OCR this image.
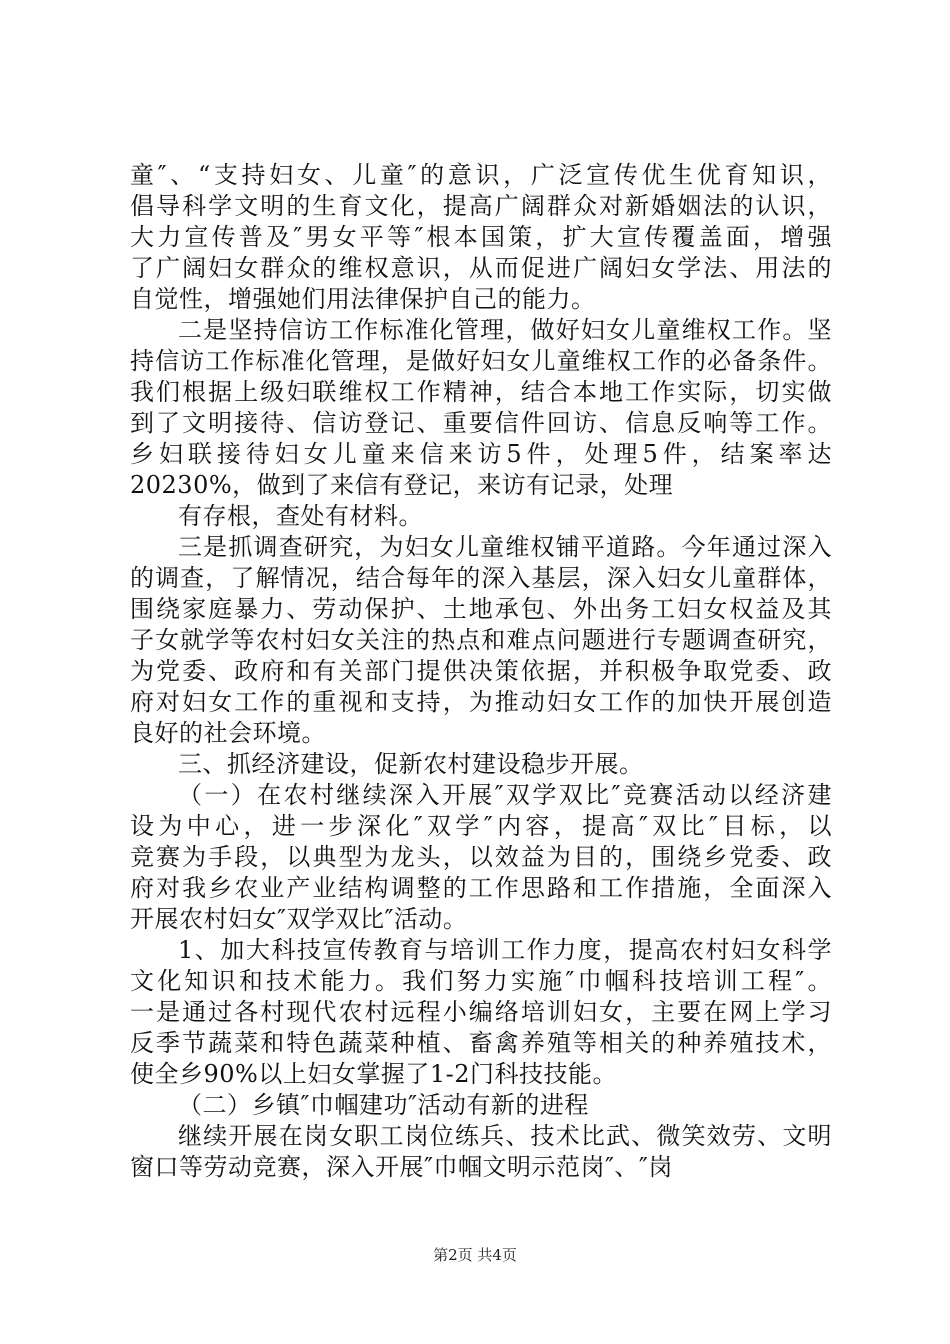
童″、“支持妇女、儿童″的意识，广泛宣传优生优育知识，
倡导科学文明的生育文化，提高广阔群众对新婚姻法的认识，
大力宣传普及″男女平等″根本国策，扩大宣传覆盖面，增强
了广阔妇女群众的维权意识，从而促进广阔妇女学法、用法的
自觉性，增强她们用法律保护自己的能力。
二是坚持信访工作标准化管理，做好妇女儿童维权工作。坚
持信访工作标准化管理，是做好妇女儿童维权工作的必备条件。
我们根据上级妇联维权工作精神，结合本地工作实际，切实做
到了文明接待、信访登记、重要信件回访、信息反响等工作。
乡妇联接待妇女儿童来信来访5件，处理5件，结案率达
20230%，做到了来信有登记，来访有记录，处理
有存根，查处有材料。
三是抓调查研究，为妇女儿童维权铺平道路。今年通过深入
的调查，了解情况，结合每年的深入基层，深入妇女儿童群体，
围绕家庭暴力、劳动保护、土地承包、外出务工妇女权益及其
子女就学等农村妇女关注的热点和难点问题进行专题调查研究，
为党委、政府和有关部门提供决策依据，并积极争取党委、政
府对妇女工作的重视和支持，为推动妇女工作的加快开展创造
良好的社会环境。
三、抓经济建设，促新农村建设稳步开展。
（一）在农村继续深入开展″双学双比″竞赛活动以经济建
设为中心，进一步深化″双学″内容，提高″双比″目标，以
竞赛为手段，以典型为龙头，以效益为目的，围绕乡党委、政
府对我乡农业产业结构调整的工作思路和工作措施，全面深入
开展农村妇女″双学双比″活动。
1、加大科技宣传教育与培训工作力度，提高农村妇女科学
文化知识和技术能力。我们努力实施″巾帼科技培训工程″。
一是通过各村现代农村远程小编络培训妇女，主要在网上学习
反季节蔬菜和特色蔬菜种植、畜禽养殖等相关的种养殖技术，
使全乡90%以上妇女掌握了1-2门科技技能。
（二）乡镇″巾帼建功″活动有新的进程
继续开展在岗女职工岗位练兵、技术比武、微笑效劳、文明
窗口等劳动竞赛，深入开展″巾帼文明示范岗″、″岗
第2页 共4页
